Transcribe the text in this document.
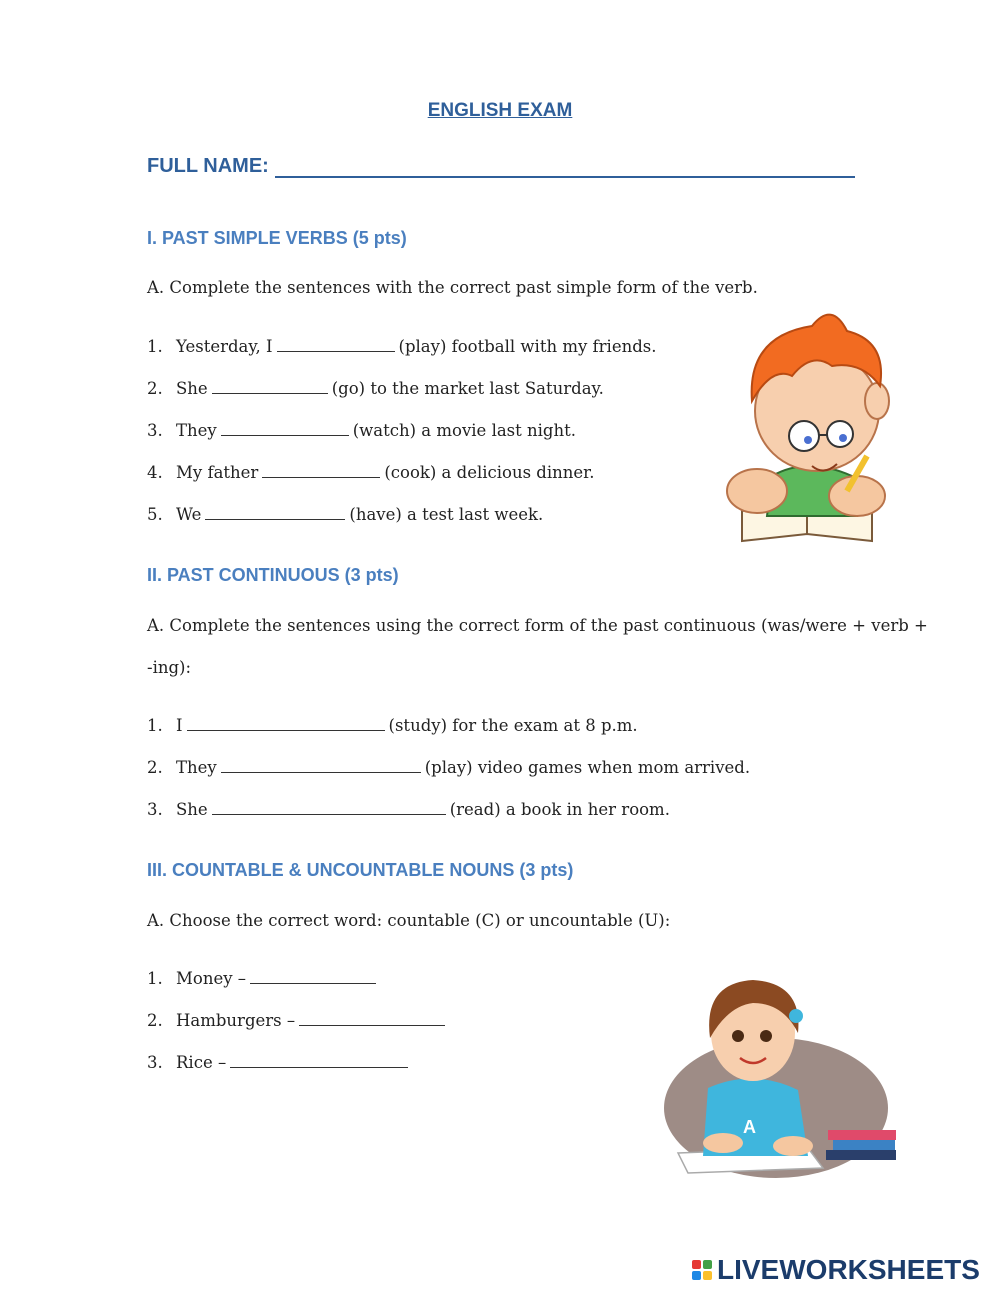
ENGLISH EXAM
FULL NAME:
I. PAST SIMPLE VERBS (5 pts)
A. Complete the sentences with the correct past simple form of the verb.
1. Yesterday, I	(play) football with my friends.
2. She	(go) to the market last Saturday.
3. They	(watch) a movie last night.
4. My father	(cook) a delicious dinner.
5. We	(have) a test last week.
II. PAST CONTINUOUS (3 pts)
A. Complete the sentences using the correct form of the past continuous (was/were + verb +
-ing):
1. I	(study) for the exam at 8 p.m.
2. They	(play) video games when mom arrived.
3. She	(read) a book in her room.
III. COUNTABLE & UNCOUNTABLE NOUNS (3 pts)
A. Choose the correct word: countable (C) or uncountable (U):
1. Money –
2. Hamburgers –
3. Rice –
A
LIVEWORKSHEETS
